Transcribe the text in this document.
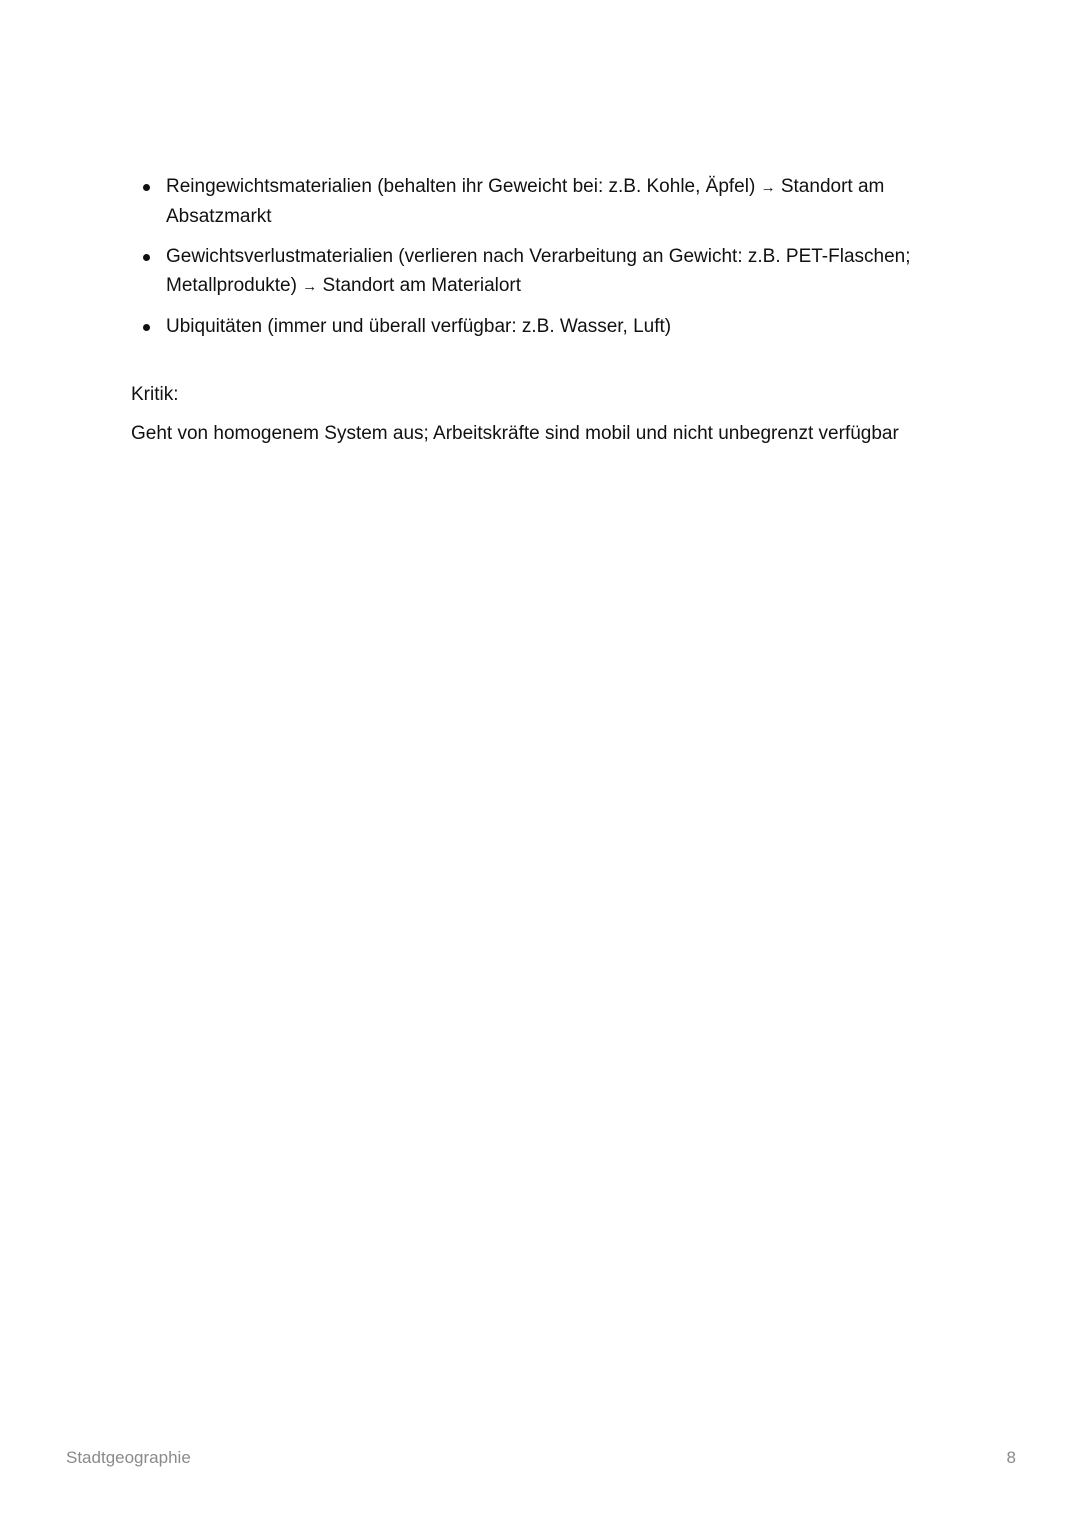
Reingewichtsmaterialien (behalten ihr Geweicht bei: z.B. Kohle, Äpfel) → Standort am Absatzmarkt
Gewichtsverlustmaterialien (verlieren nach Verarbeitung an Gewicht: z.B. PET-Flaschen; Metallprodukte) → Standort am Materialort
Ubiquitäten (immer und überall verfügbar: z.B. Wasser, Luft)
Kritik:
Geht von homogenem System aus; Arbeitskräfte sind mobil und nicht unbegrenzt verfügbar
Stadtgeographie	8
